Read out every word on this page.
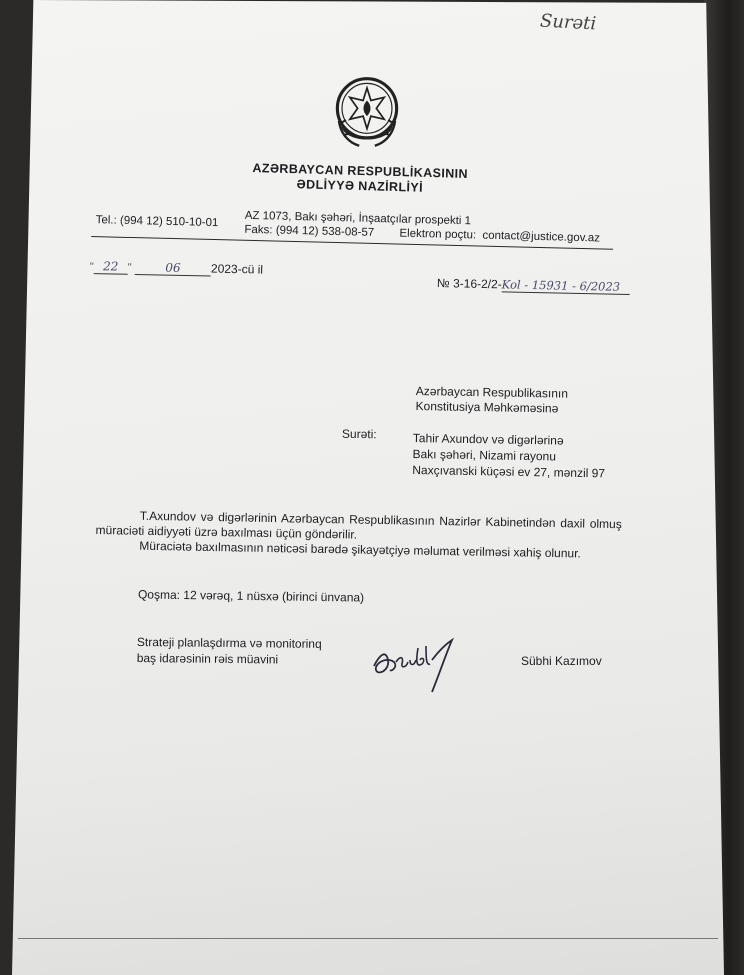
Surəti
AZƏRBAYCAN RESPUBLİKASININ
ƏDLİYYƏ NAZİRLİYİ
AZ 1073, Bakı şəhəri, İnşaatçılar prospekti 1
Tel.: (994 12) 510-10-01
Faks: (994 12) 538-08-57 Elektron poçtu: contact@justice.gov.az
" 22 "	06	2023-cü il
№ 3-16-2/2-Kol - 15931 - 6/2023
Azərbaycan Respublikasının
Konstitusiya Məhkəməsinə
Surəti:	Tahir Axundov və digərlərinə
Bakı şəhəri, Nizami rayonu
Naxçıvanski küçəsi ev 27, mənzil 97

T.Axundov və digərlərinin Azərbaycan Respublikasının Nazirlər Kabinetindən daxil olmuş müraciəti aidiyyəti üzrə baxılması üçün göndərilir.

Müraciətə baxılmasının nəticəsi barədə şikayətçiyə məlumat verilməsi xahiş olunur.

Qoşma: 12 vərəq, 1 nüsxə (birinci ünvana)
Strateji planlaşdırma və monitorinq
baş idarəsinin rəis müavini	Sübhi Kazımov
